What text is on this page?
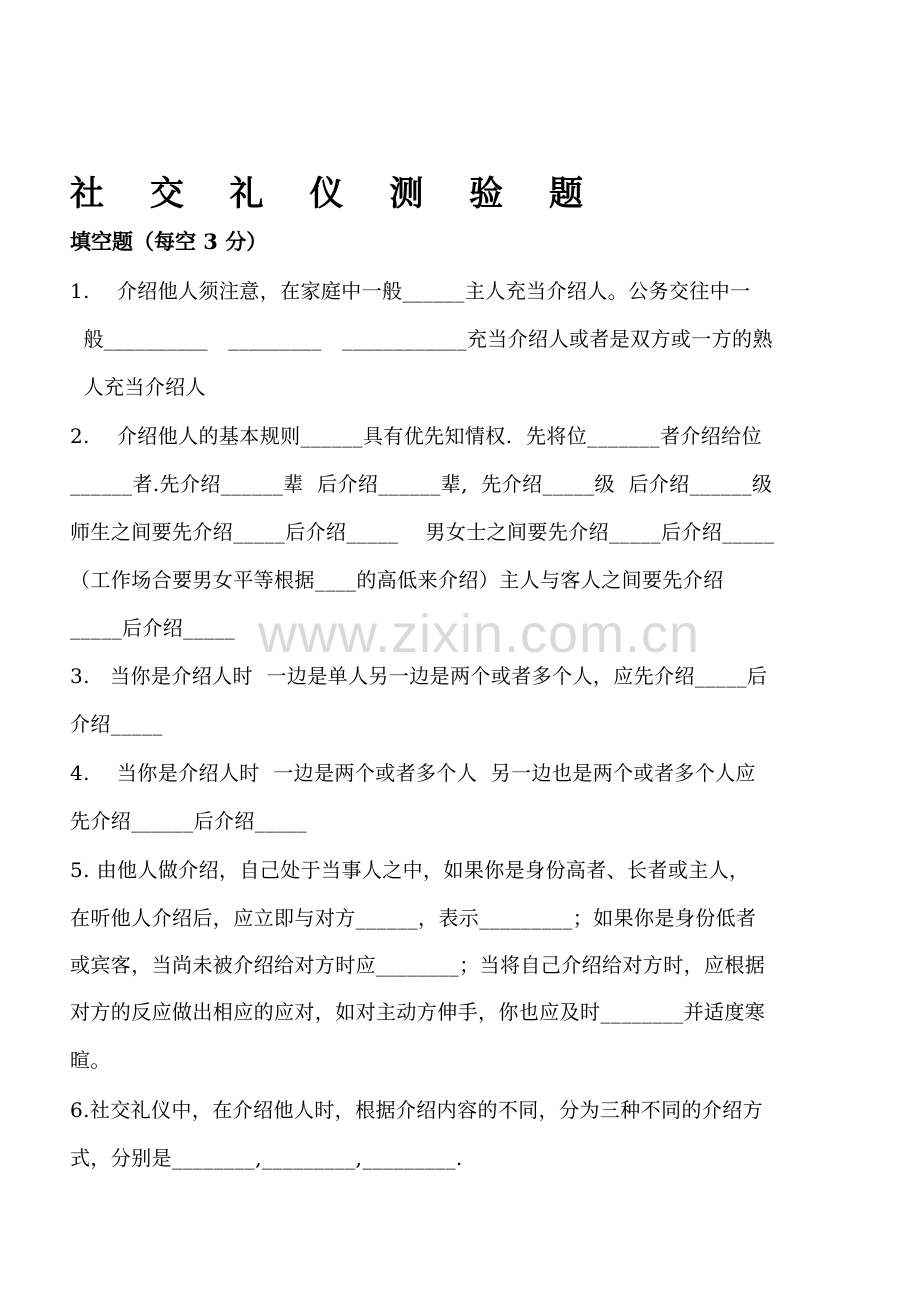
社 交 礼 仪 测 验 题
填空题（每空 3 分）

1.    介绍他人须注意，在家庭中一般______主人充当介绍人。公务交往中一

般__________   _________   ____________充当介绍人或者是双方或一方的熟

人充当介绍人

2.    介绍他人的基本规则______具有优先知情权.  先将位_______者介绍给位

______者.先介绍______辈  后介绍______辈,  先介绍_____级  后介绍______级

师生之间要先介绍_____后介绍_____    男女士之间要先介绍_____后介绍_____

（工作场合要男女平等根据____的高低来介绍）主人与客人之间要先介绍

_____后介绍_____

3.   当你是介绍人时  一边是单人另一边是两个或者多个人，应先介绍_____后

介绍_____

4.    当你是介绍人时  一边是两个或者多个人  另一边也是两个或者多个人应

先介绍______后介绍_____

5. 由他人做介绍，自己处于当事人之中，如果你是身份高者、长者或主人，

在听他人介绍后，应立即与对方______，表示_________；如果你是身份低者

或宾客，当尚未被介绍给对方时应________；当将自己介绍给对方时，应根据

对方的反应做出相应的应对，如对主动方伸手，你也应及时________并适度寒

暄。

6.社交礼仪中，在介绍他人时，根据介绍内容的不同，分为三种不同的介绍方

式，分别是________,_________,_________.

www.zixin.com.cn
